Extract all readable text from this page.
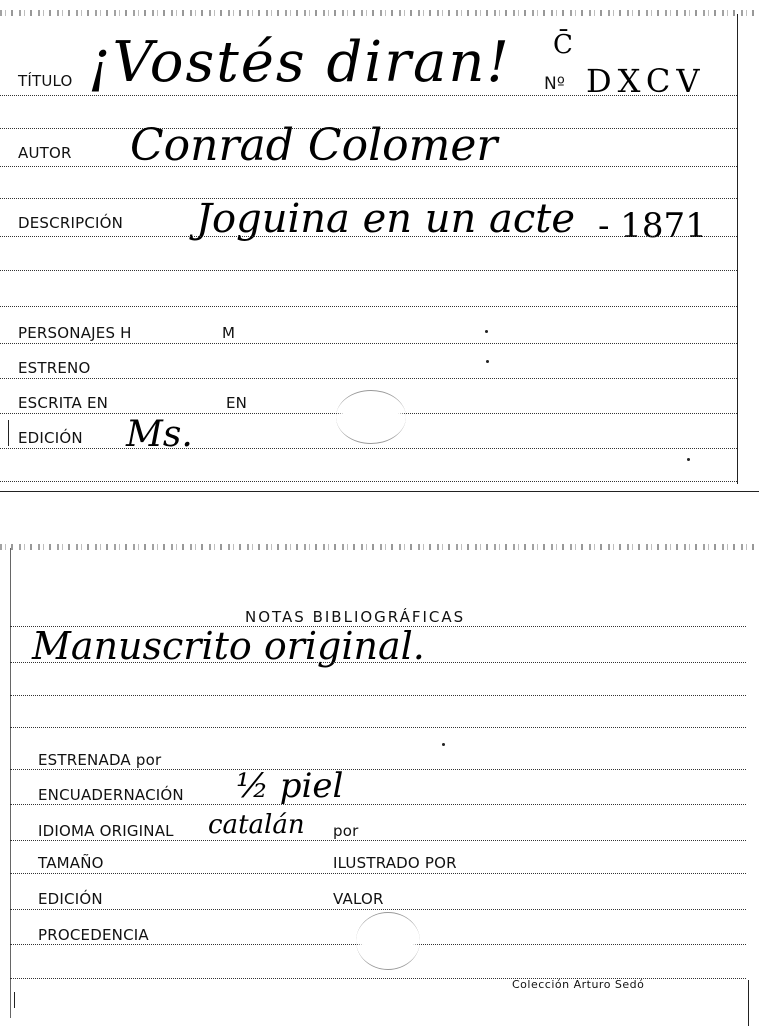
TÍTULO ¡Vostés diran! C̄
Nº DXCV
AUTOR Conrad Colomer
DESCRIPCIÓN Joguina en un acte - 1871
PERSONAJES H	M
ESTRENO
ESCRITA EN	EN
EDICIÓN Ms.
NOTAS BIBLIOGRÁFICAS
Manuscrito original.
ESTRENADA por
ENCUADERNACIÓN ½ piel
IDIOMA ORIGINAL catalán por
TAMAÑO	ILUSTRADO POR
EDICIÓN	VALOR
PROCEDENCIA
Colección Arturo Sedó
